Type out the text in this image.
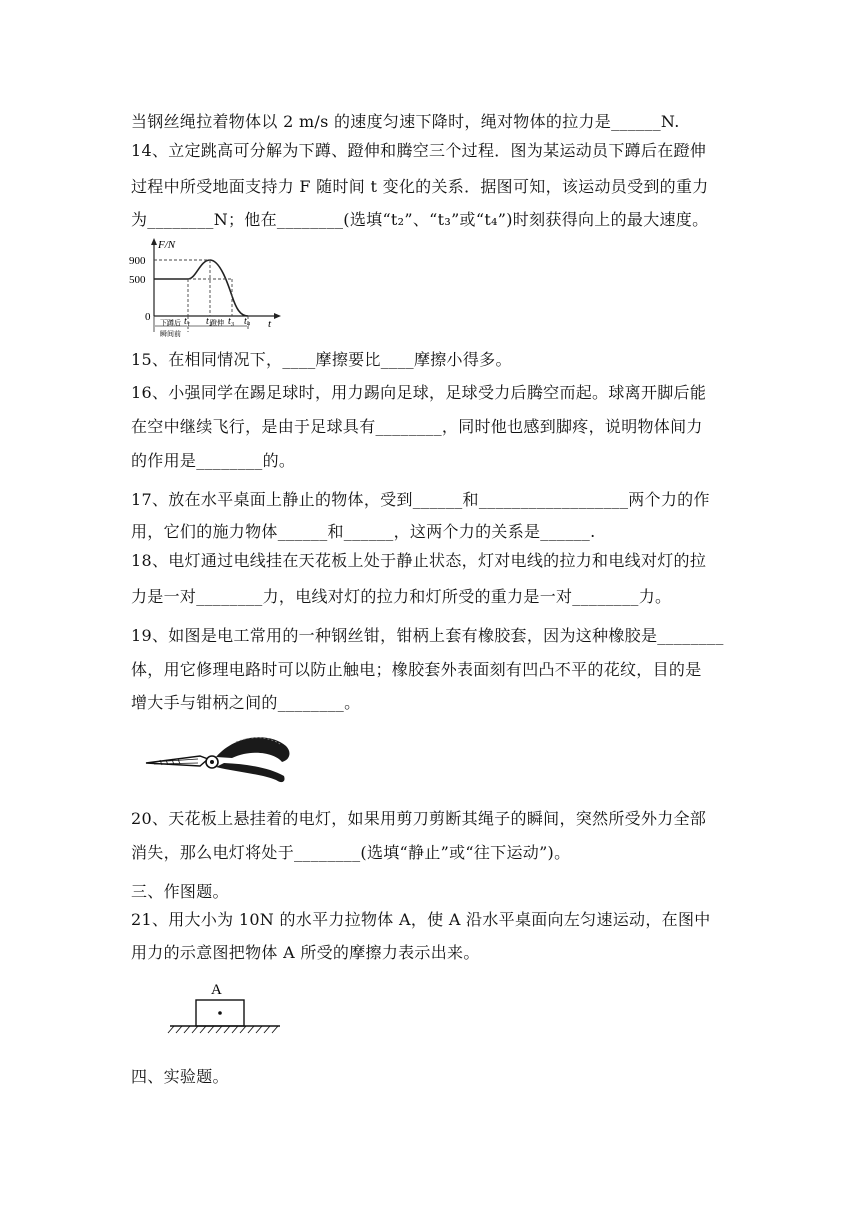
当钢丝绳拉着物体以 2 m/s 的速度匀速下降时，绳对物体的拉力是______N.
14、立定跳高可分解为下蹲、蹬伸和腾空三个过程．图为某运动员下蹲后在蹬伸
过程中所受地面支持力 F 随时间 t 变化的关系．据图可知，该运动员受到的重力
为________N；他在________(选填“t₂”、“t₃”或“t₄”)时刻获得向上的最大速度。
F/N
900
500
0	t₁ t₂ t₃ t₄ t
下蹲后
瞬间前
蹬伸
15、在相同情况下，____摩擦要比____摩擦小得多。
16、小强同学在踢足球时，用力踢向足球，足球受力后腾空而起。球离开脚后能
在空中继续飞行，是由于足球具有________，同时他也感到脚疼，说明物体间力
的作用是________的。
17、放在水平桌面上静止的物体，受到______和__________________两个力的作
用，它们的施力物体______和______，这两个力的关系是______.
18、电灯通过电线挂在天花板上处于静止状态，灯对电线的拉力和电线对灯的拉
力是一对________力，电线对灯的拉力和灯所受的重力是一对________力。
19、如图是电工常用的一种钢丝钳，钳柄上套有橡胶套，因为这种橡胶是________
体，用它修理电路时可以防止触电；橡胶套外表面刻有凹凸不平的花纹，目的是
增大手与钳柄之间的________。
20、天花板上悬挂着的电灯，如果用剪刀剪断其绳子的瞬间，突然所受外力全部
消失，那么电灯将处于________(选填“静止”或“往下运动”)。
三、作图题。
21、用大小为 10N 的水平力拉物体 A，使 A 沿水平桌面向左匀速运动，在图中
用力的示意图把物体 A 所受的摩擦力表示出来。
A
四、实验题。
